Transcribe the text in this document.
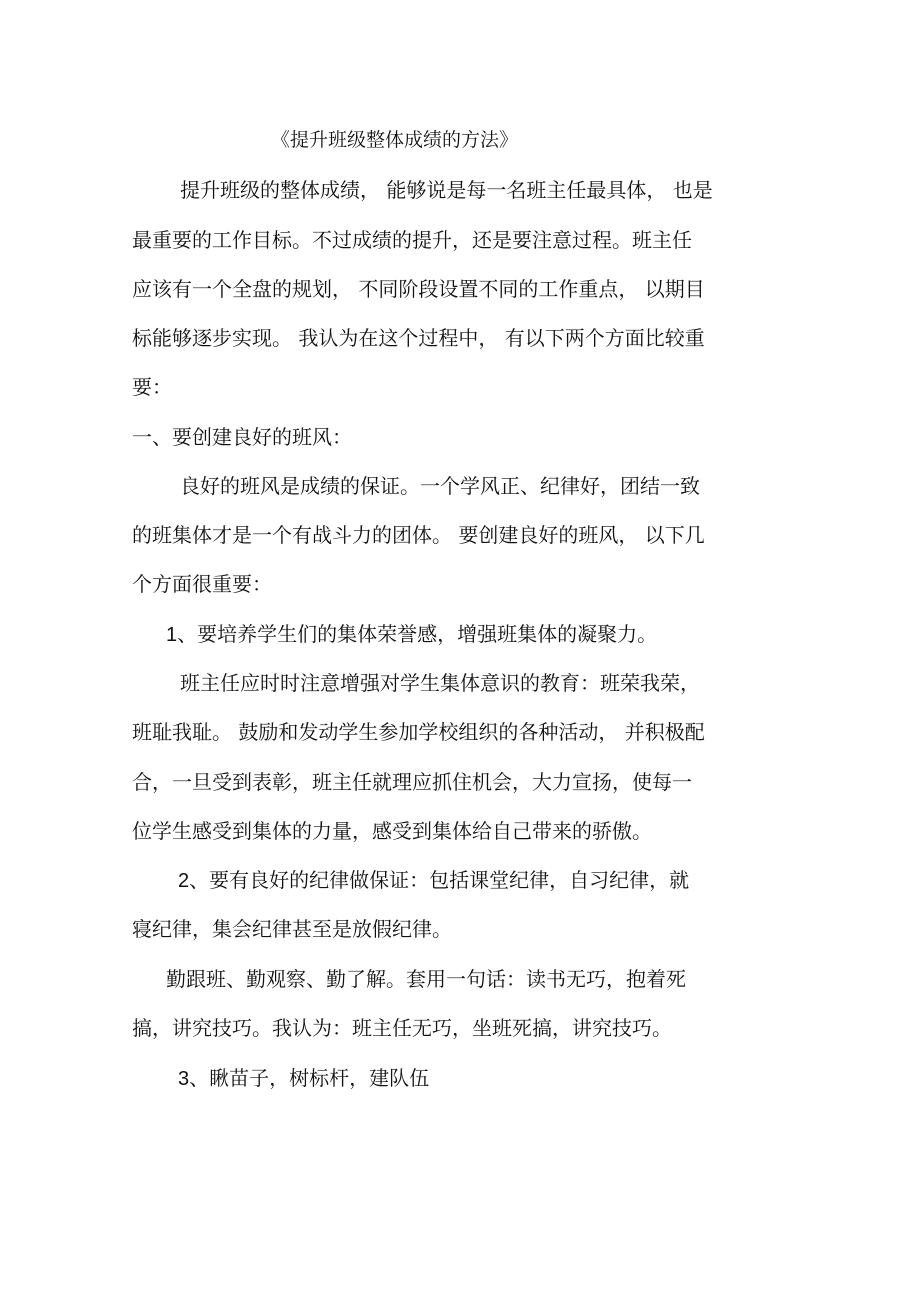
《提升班级整体成绩的方法》
提升班级的整体成绩， 能够说是每一名班主任最具体， 也是
最重要的工作目标。不过成绩的提升，还是要注意过程。班主任
应该有一个全盘的规划， 不同阶段设置不同的工作重点， 以期目
标能够逐步实现。 我认为在这个过程中， 有以下两个方面比较重
要：
一、要创建良好的班风：
良好的班风是成绩的保证。一个学风正、纪律好，团结一致
的班集体才是一个有战斗力的团体。 要创建良好的班风， 以下几
个方面很重要：
1、要培养学生们的集体荣誉感，增强班集体的凝聚力。
班主任应时时注意增强对学生集体意识的教育：班荣我荣，
班耻我耻。 鼓励和发动学生参加学校组织的各种活动， 并积极配
合，一旦受到表彰，班主任就理应抓住机会，大力宣扬，使每一
位学生感受到集体的力量，感受到集体给自己带来的骄傲。
2、要有良好的纪律做保证：包括课堂纪律，自习纪律，就
寝纪律，集会纪律甚至是放假纪律。
勤跟班、勤观察、勤了解。套用一句话：读书无巧，抱着死
搞，讲究技巧。我认为：班主任无巧，坐班死搞，讲究技巧。
3、瞅苗子，树标杆，建队伍
